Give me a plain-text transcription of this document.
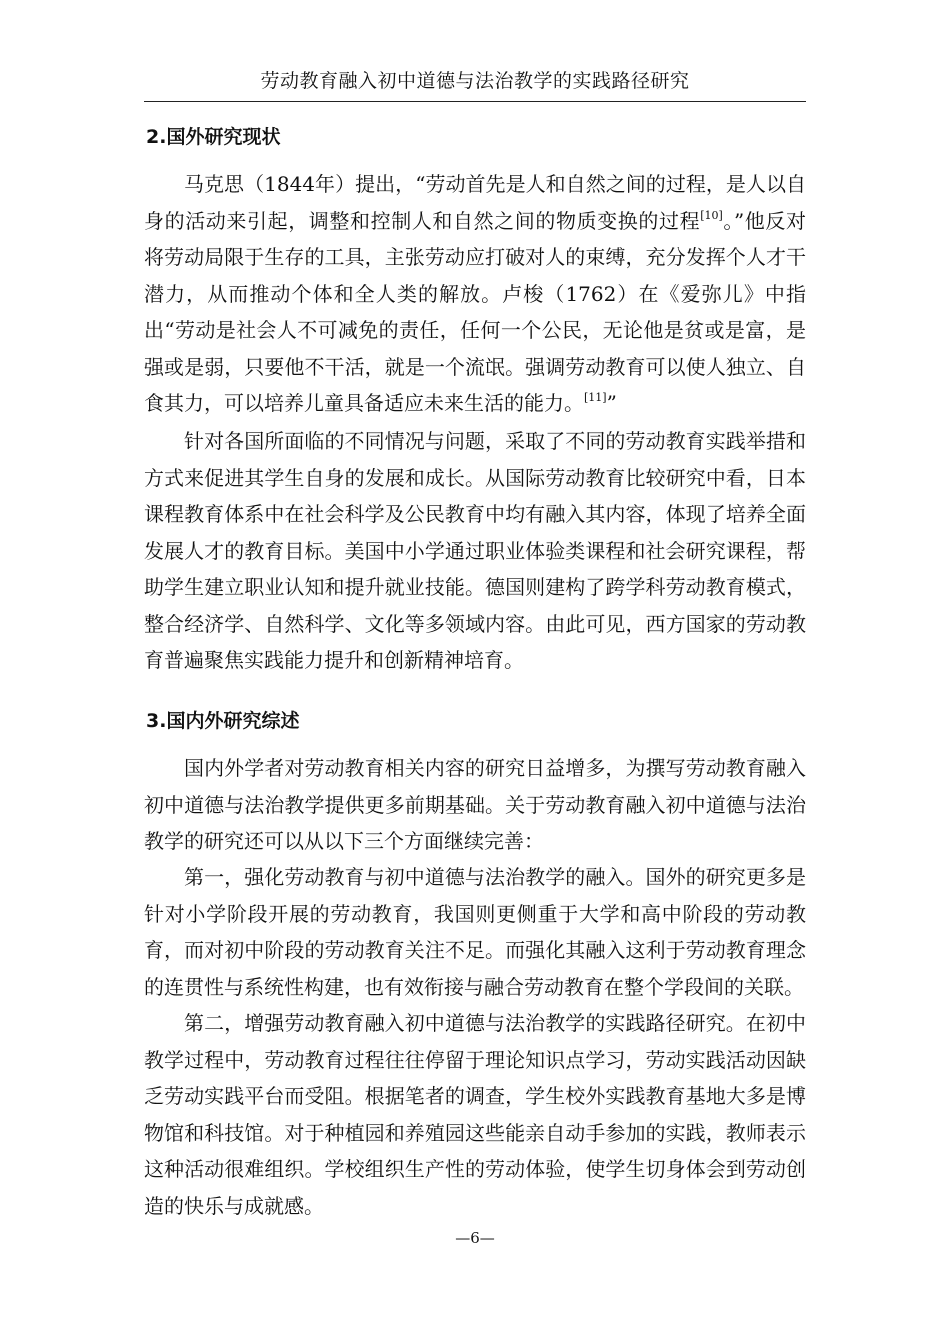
劳动教育融入初中道德与法治教学的实践路径研究
2.国外研究现状

马克思（1844年）提出，“劳动首先是人和自然之间的过程，是人以自身的活动来引起，调整和控制人和自然之间的物质变换的过程[10]。”他反对将劳动局限于生存的工具，主张劳动应打破对人的束缚，充分发挥个人才干潜力，从而推动个体和全人类的解放。卢梭（1762）在《爱弥儿》中指出“劳动是社会人不可减免的责任，任何一个公民，无论他是贫或是富，是强或是弱，只要他不干活，就是一个流氓。强调劳动教育可以使人独立、自食其力，可以培养儿童具备适应未来生活的能力。[11]”

针对各国所面临的不同情况与问题，采取了不同的劳动教育实践举措和方式来促进其学生自身的发展和成长。从国际劳动教育比较研究中看，日本课程教育体系中在社会科学及公民教育中均有融入其内容，体现了培养全面发展人才的教育目标。美国中小学通过职业体验类课程和社会研究课程，帮助学生建立职业认知和提升就业技能。德国则建构了跨学科劳动教育模式，整合经济学、自然科学、文化等多领域内容。由此可见，西方国家的劳动教育普遍聚焦实践能力提升和创新精神培育。

3.国内外研究综述

国内外学者对劳动教育相关内容的研究日益增多，为撰写劳动教育融入初中道德与法治教学提供更多前期基础。关于劳动教育融入初中道德与法治教学的研究还可以从以下三个方面继续完善：

第一，强化劳动教育与初中道德与法治教学的融入。国外的研究更多是针对小学阶段开展的劳动教育，我国则更侧重于大学和高中阶段的劳动教育，而对初中阶段的劳动教育关注不足。而强化其融入这利于劳动教育理念的连贯性与系统性构建，也有效衔接与融合劳动教育在整个学段间的关联。

第二，增强劳动教育融入初中道德与法治教学的实践路径研究。在初中教学过程中，劳动教育过程往往停留于理论知识点学习，劳动实践活动因缺乏劳动实践平台而受阻。根据笔者的调查，学生校外实践教育基地大多是博物馆和科技馆。对于种植园和养殖园这些能亲自动手参加的实践，教师表示这种活动很难组织。学校组织生产性的劳动体验，使学生切身体会到劳动创造的快乐与成就感。

—6—
